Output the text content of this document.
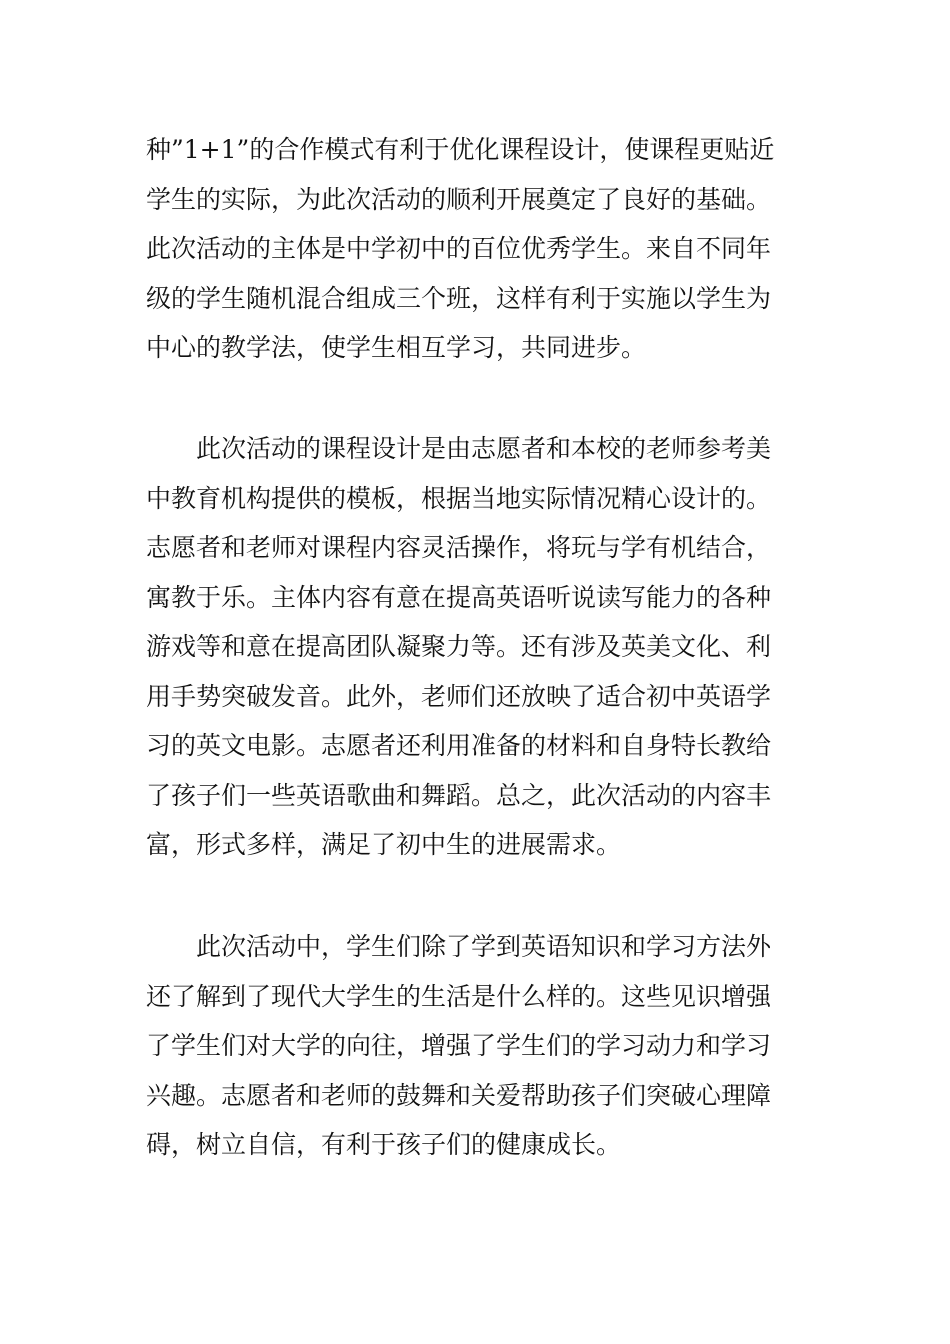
种”1+1”的合作模式有利于优化课程设计，使课程更贴近
学生的实际，为此次活动的顺利开展奠定了良好的基础。
此次活动的主体是中学初中的百位优秀学生。来自不同年
级的学生随机混合组成三个班，这样有利于实施以学生为
中心的教学法，使学生相互学习，共同进步。
此次活动的课程设计是由志愿者和本校的老师参考美
中教育机构提供的模板，根据当地实际情况精心设计的。
志愿者和老师对课程内容灵活操作，将玩与学有机结合，
寓教于乐。主体内容有意在提高英语听说读写能力的各种
游戏等和意在提高团队凝聚力等。还有涉及英美文化、利
用手势突破发音。此外，老师们还放映了适合初中英语学
习的英文电影。志愿者还利用准备的材料和自身特长教给
了孩子们一些英语歌曲和舞蹈。总之，此次活动的内容丰
富，形式多样，满足了初中生的进展需求。
此次活动中，学生们除了学到英语知识和学习方法外
还了解到了现代大学生的生活是什么样的。这些见识增强
了学生们对大学的向往，增强了学生们的学习动力和学习
兴趣。志愿者和老师的鼓舞和关爱帮助孩子们突破心理障
碍，树立自信，有利于孩子们的健康成长。
